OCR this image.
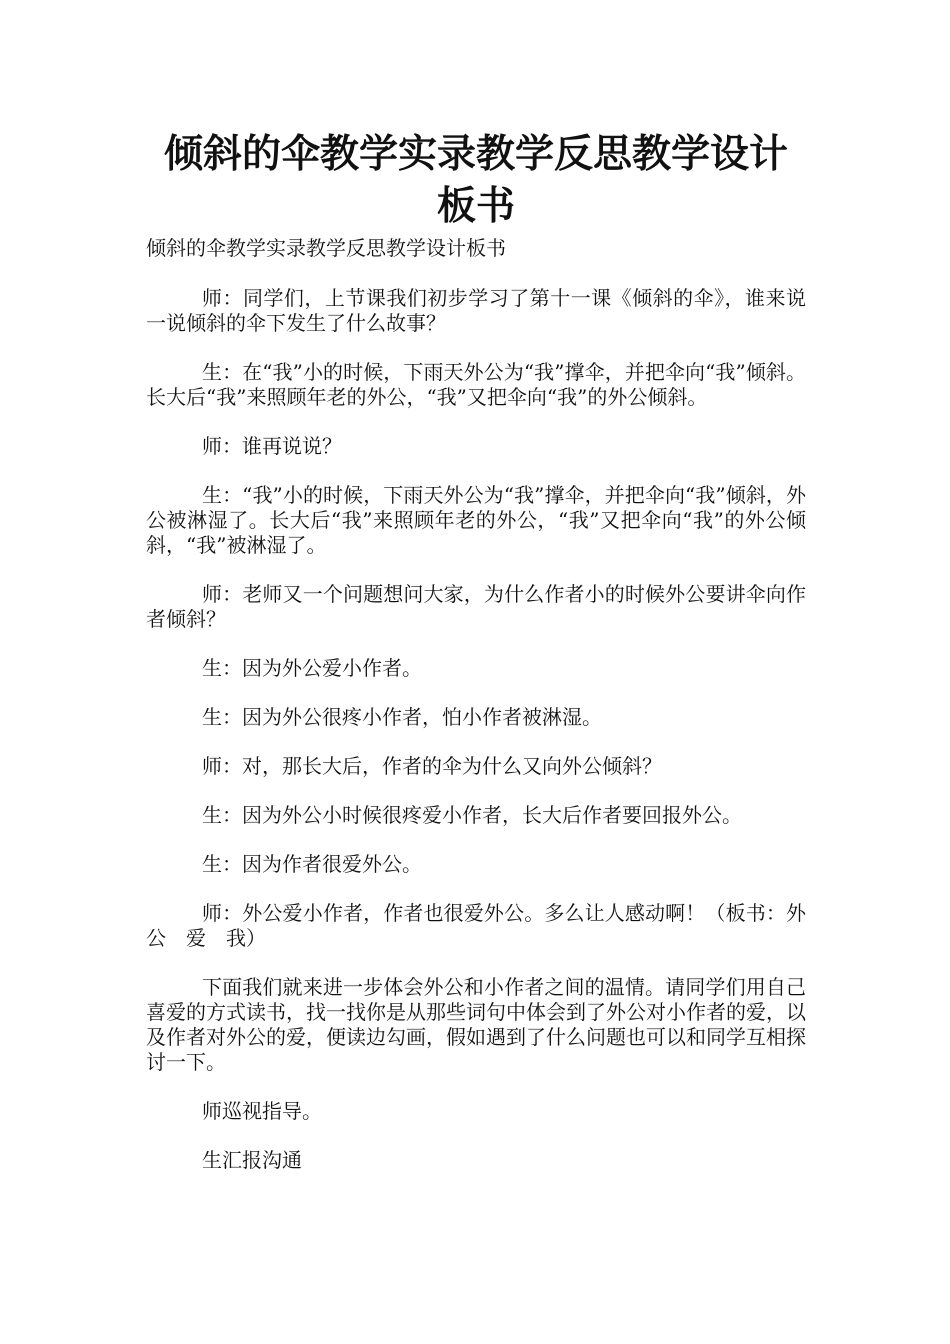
倾斜的伞教学实录教学反思教学设计板书

倾斜的伞教学实录教学反思教学设计板书

师：同学们，上节课我们初步学习了第十一课《倾斜的伞》，谁来说一说倾斜的伞下发生了什么故事？

生：在“我”小的时候，下雨天外公为“我”撑伞，并把伞向“我”倾斜。长大后“我”来照顾年老的外公，“我”又把伞向“我”的外公倾斜。

师：谁再说说？

生：“我”小的时候，下雨天外公为“我”撑伞，并把伞向“我”倾斜，外公被淋湿了。长大后“我”来照顾年老的外公，“我”又把伞向“我”的外公倾斜，“我”被淋湿了。

师：老师又一个问题想问大家，为什么作者小的时候外公要讲伞向作者倾斜？

生：因为外公爱小作者。

生：因为外公很疼小作者，怕小作者被淋湿。

师：对，那长大后，作者的伞为什么又向外公倾斜？

生：因为外公小时候很疼爱小作者，长大后作者要回报外公。

生：因为作者很爱外公。

师：外公爱小作者，作者也很爱外公。多么让人感动啊！（板书：外公　爱　我）

下面我们就来进一步体会外公和小作者之间的温情。请同学们用自己喜爱的方式读书，找一找你是从那些词句中体会到了外公对小作者的爱，以及作者对外公的爱，便读边勾画，假如遇到了什么问题也可以和同学互相探讨一下。

师巡视指导。

生汇报沟通
